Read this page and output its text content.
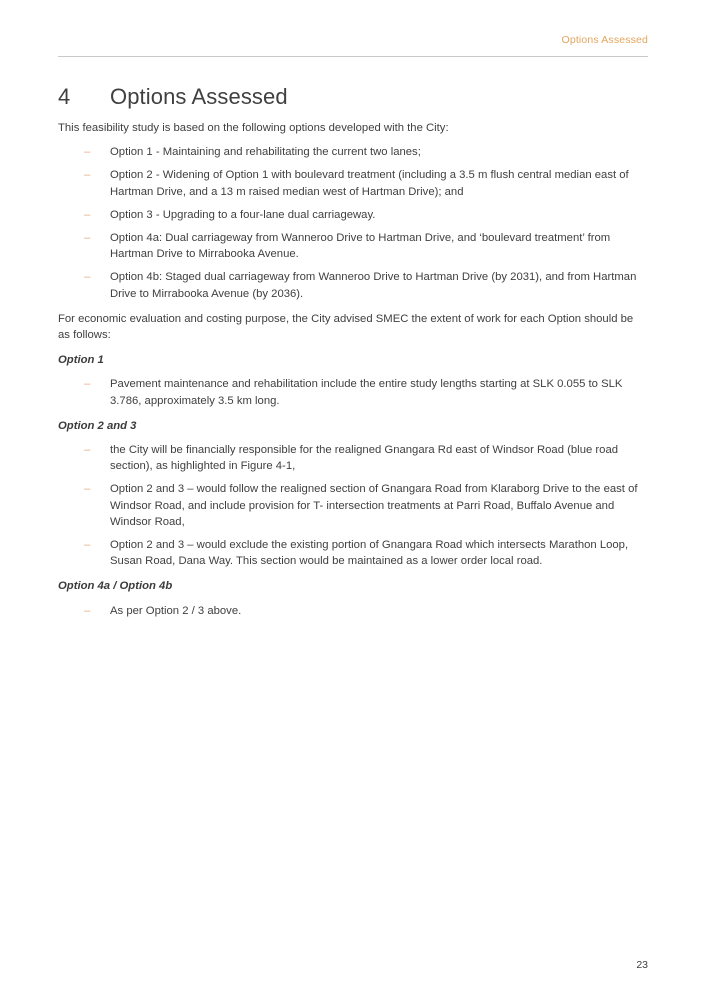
Options Assessed
4	Options Assessed

This feasibility study is based on the following options developed with the City:

–	Option 1 - Maintaining and rehabilitating the current two lanes;
–	Option 2 - Widening of Option 1 with boulevard treatment (including a 3.5 m flush central median east of Hartman Drive, and a 13 m raised median west of Hartman Drive); and
–	Option 3 - Upgrading to a four-lane dual carriageway.
–	Option 4a: Dual carriageway from Wanneroo Drive to Hartman Drive, and ‘boulevard treatment’ from Hartman Drive to Mirrabooka Avenue.
–	Option 4b: Staged dual carriageway from Wanneroo Drive to Hartman Drive (by 2031), and from Hartman Drive to Mirrabooka Avenue (by 2036).

For economic evaluation and costing purpose, the City advised SMEC the extent of work for each Option should be as follows:

Option 1
–	Pavement maintenance and rehabilitation include the entire study lengths starting at SLK 0.055 to SLK 3.786, approximately 3.5 km long.
Option 2 and 3
–	the City will be financially responsible for the realigned Gnangara Rd east of Windsor Road (blue road section), as highlighted in Figure 4-1,
–	Option 2 and 3 – would follow the realigned section of Gnangara Road from Klaraborg Drive to the east of Windsor Road, and include provision for T- intersection treatments at Parri Road, Buffalo Avenue and Windsor Road,
–	Option 2 and 3 – would exclude the existing portion of Gnangara Road which intersects Marathon Loop, Susan Road, Dana Way. This section would be maintained as a lower order local road.
Option 4a / Option 4b
–	As per Option 2 / 3 above.
23
